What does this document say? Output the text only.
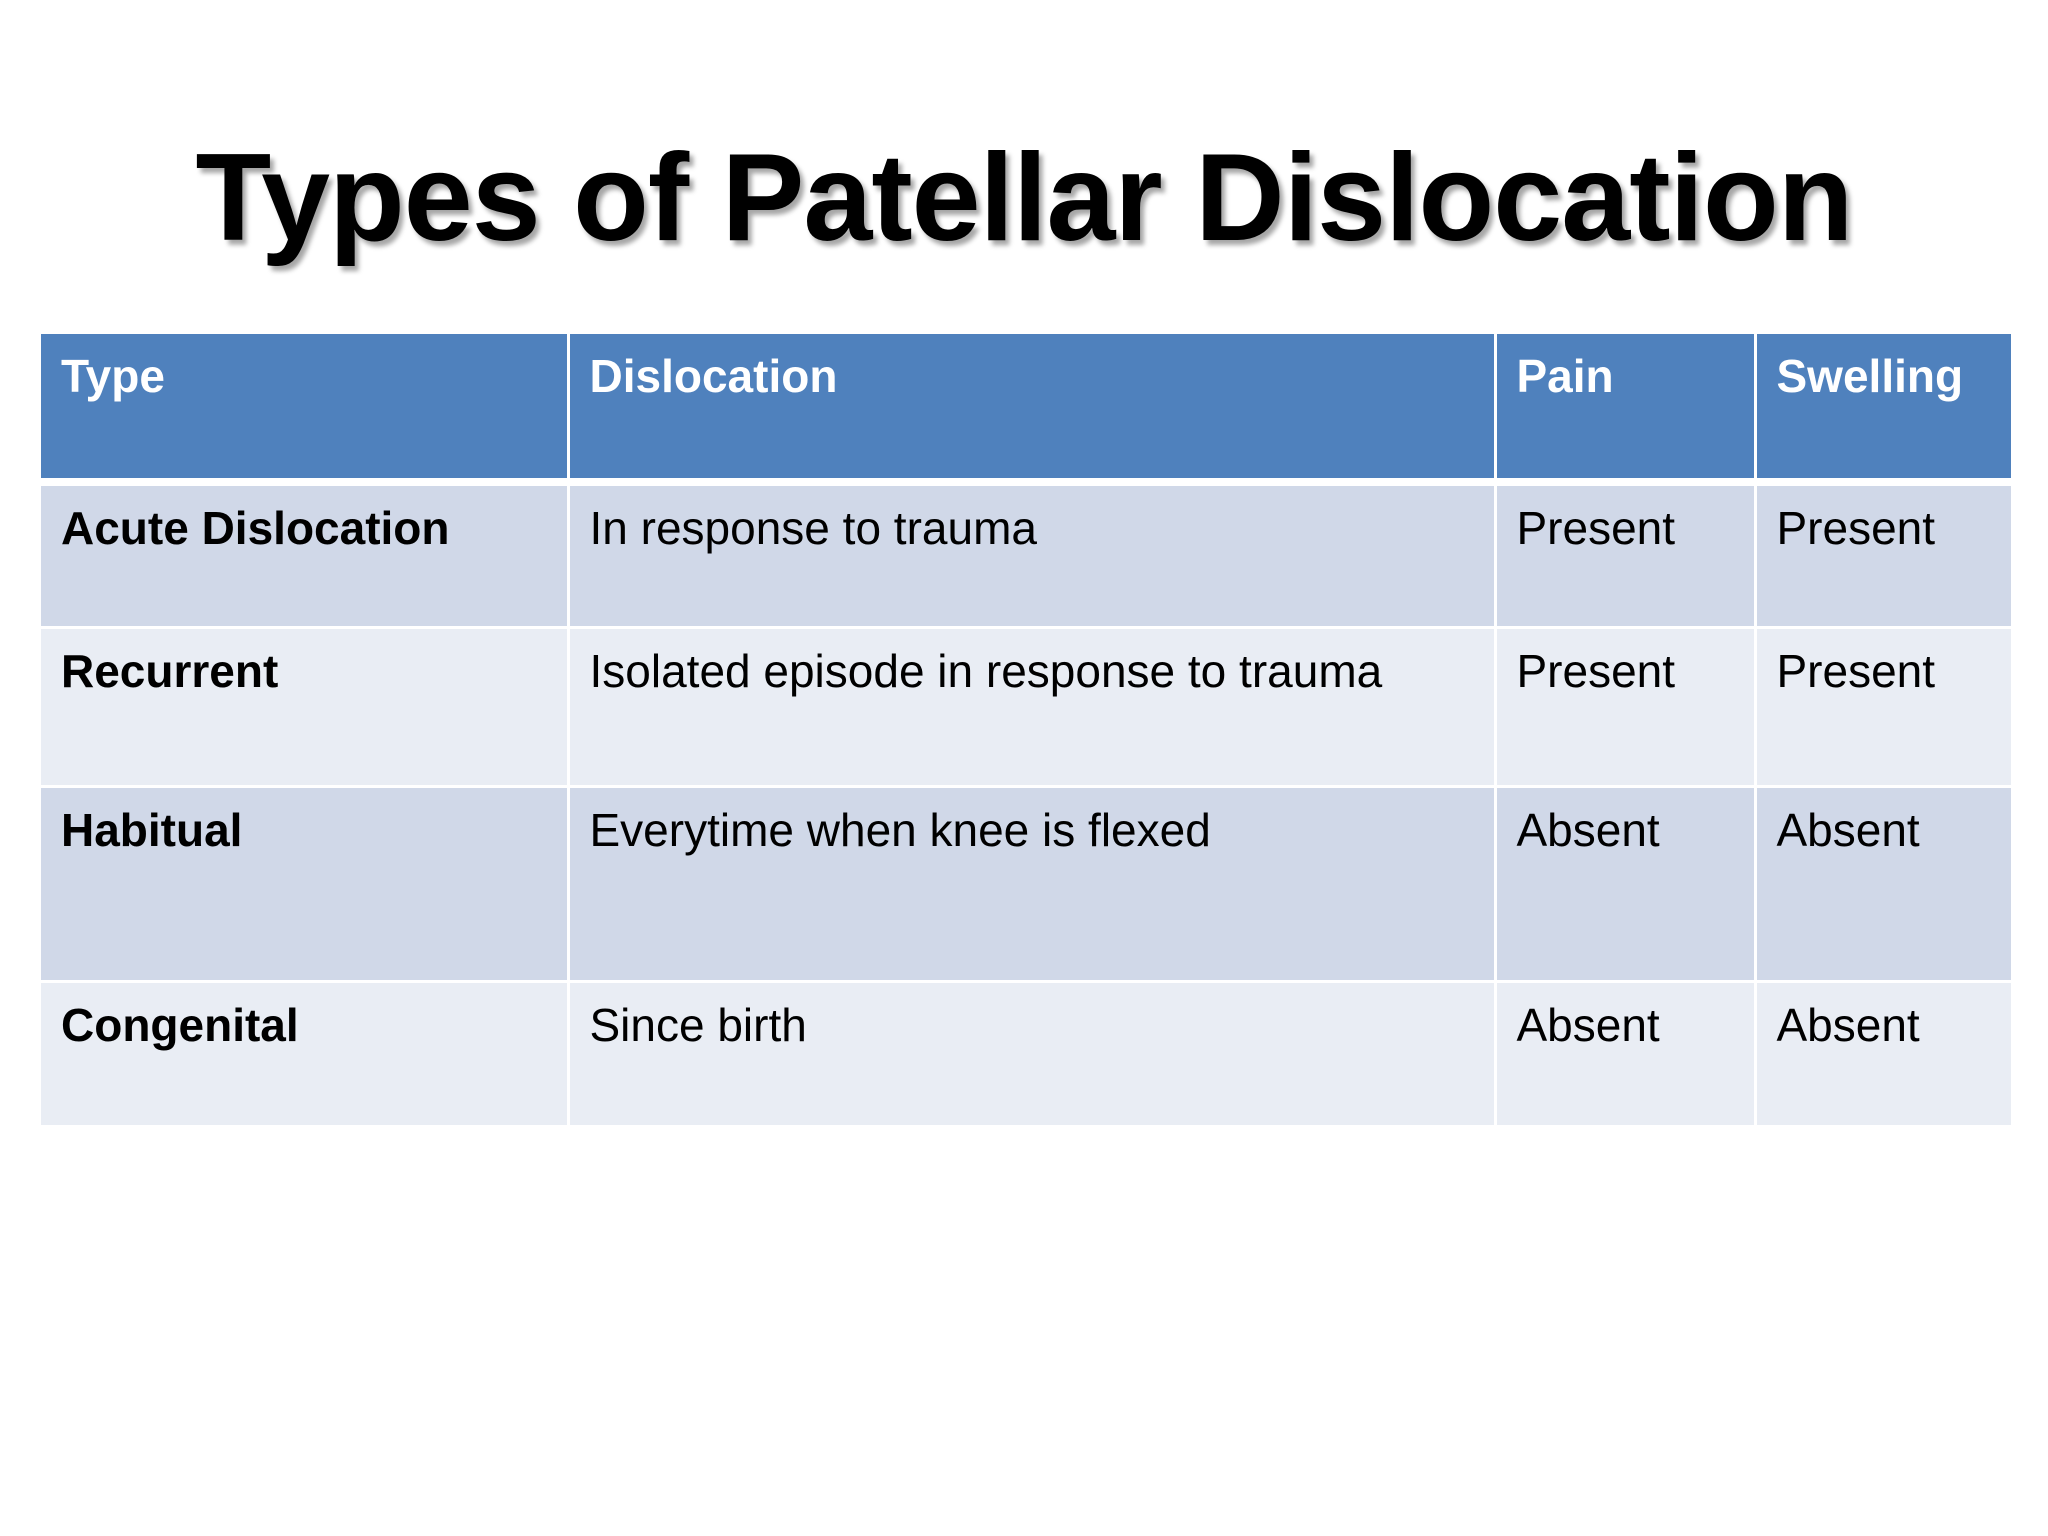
Types of Patellar Dislocation
Type	Dislocation	Pain	Swelling
Acute Dislocation	In response to trauma	Present	Present
Recurrent	Isolated episode in response to trauma	Present	Present
Habitual	Everytime when knee is flexed	Absent	Absent
Congenital	Since birth	Absent	Absent
